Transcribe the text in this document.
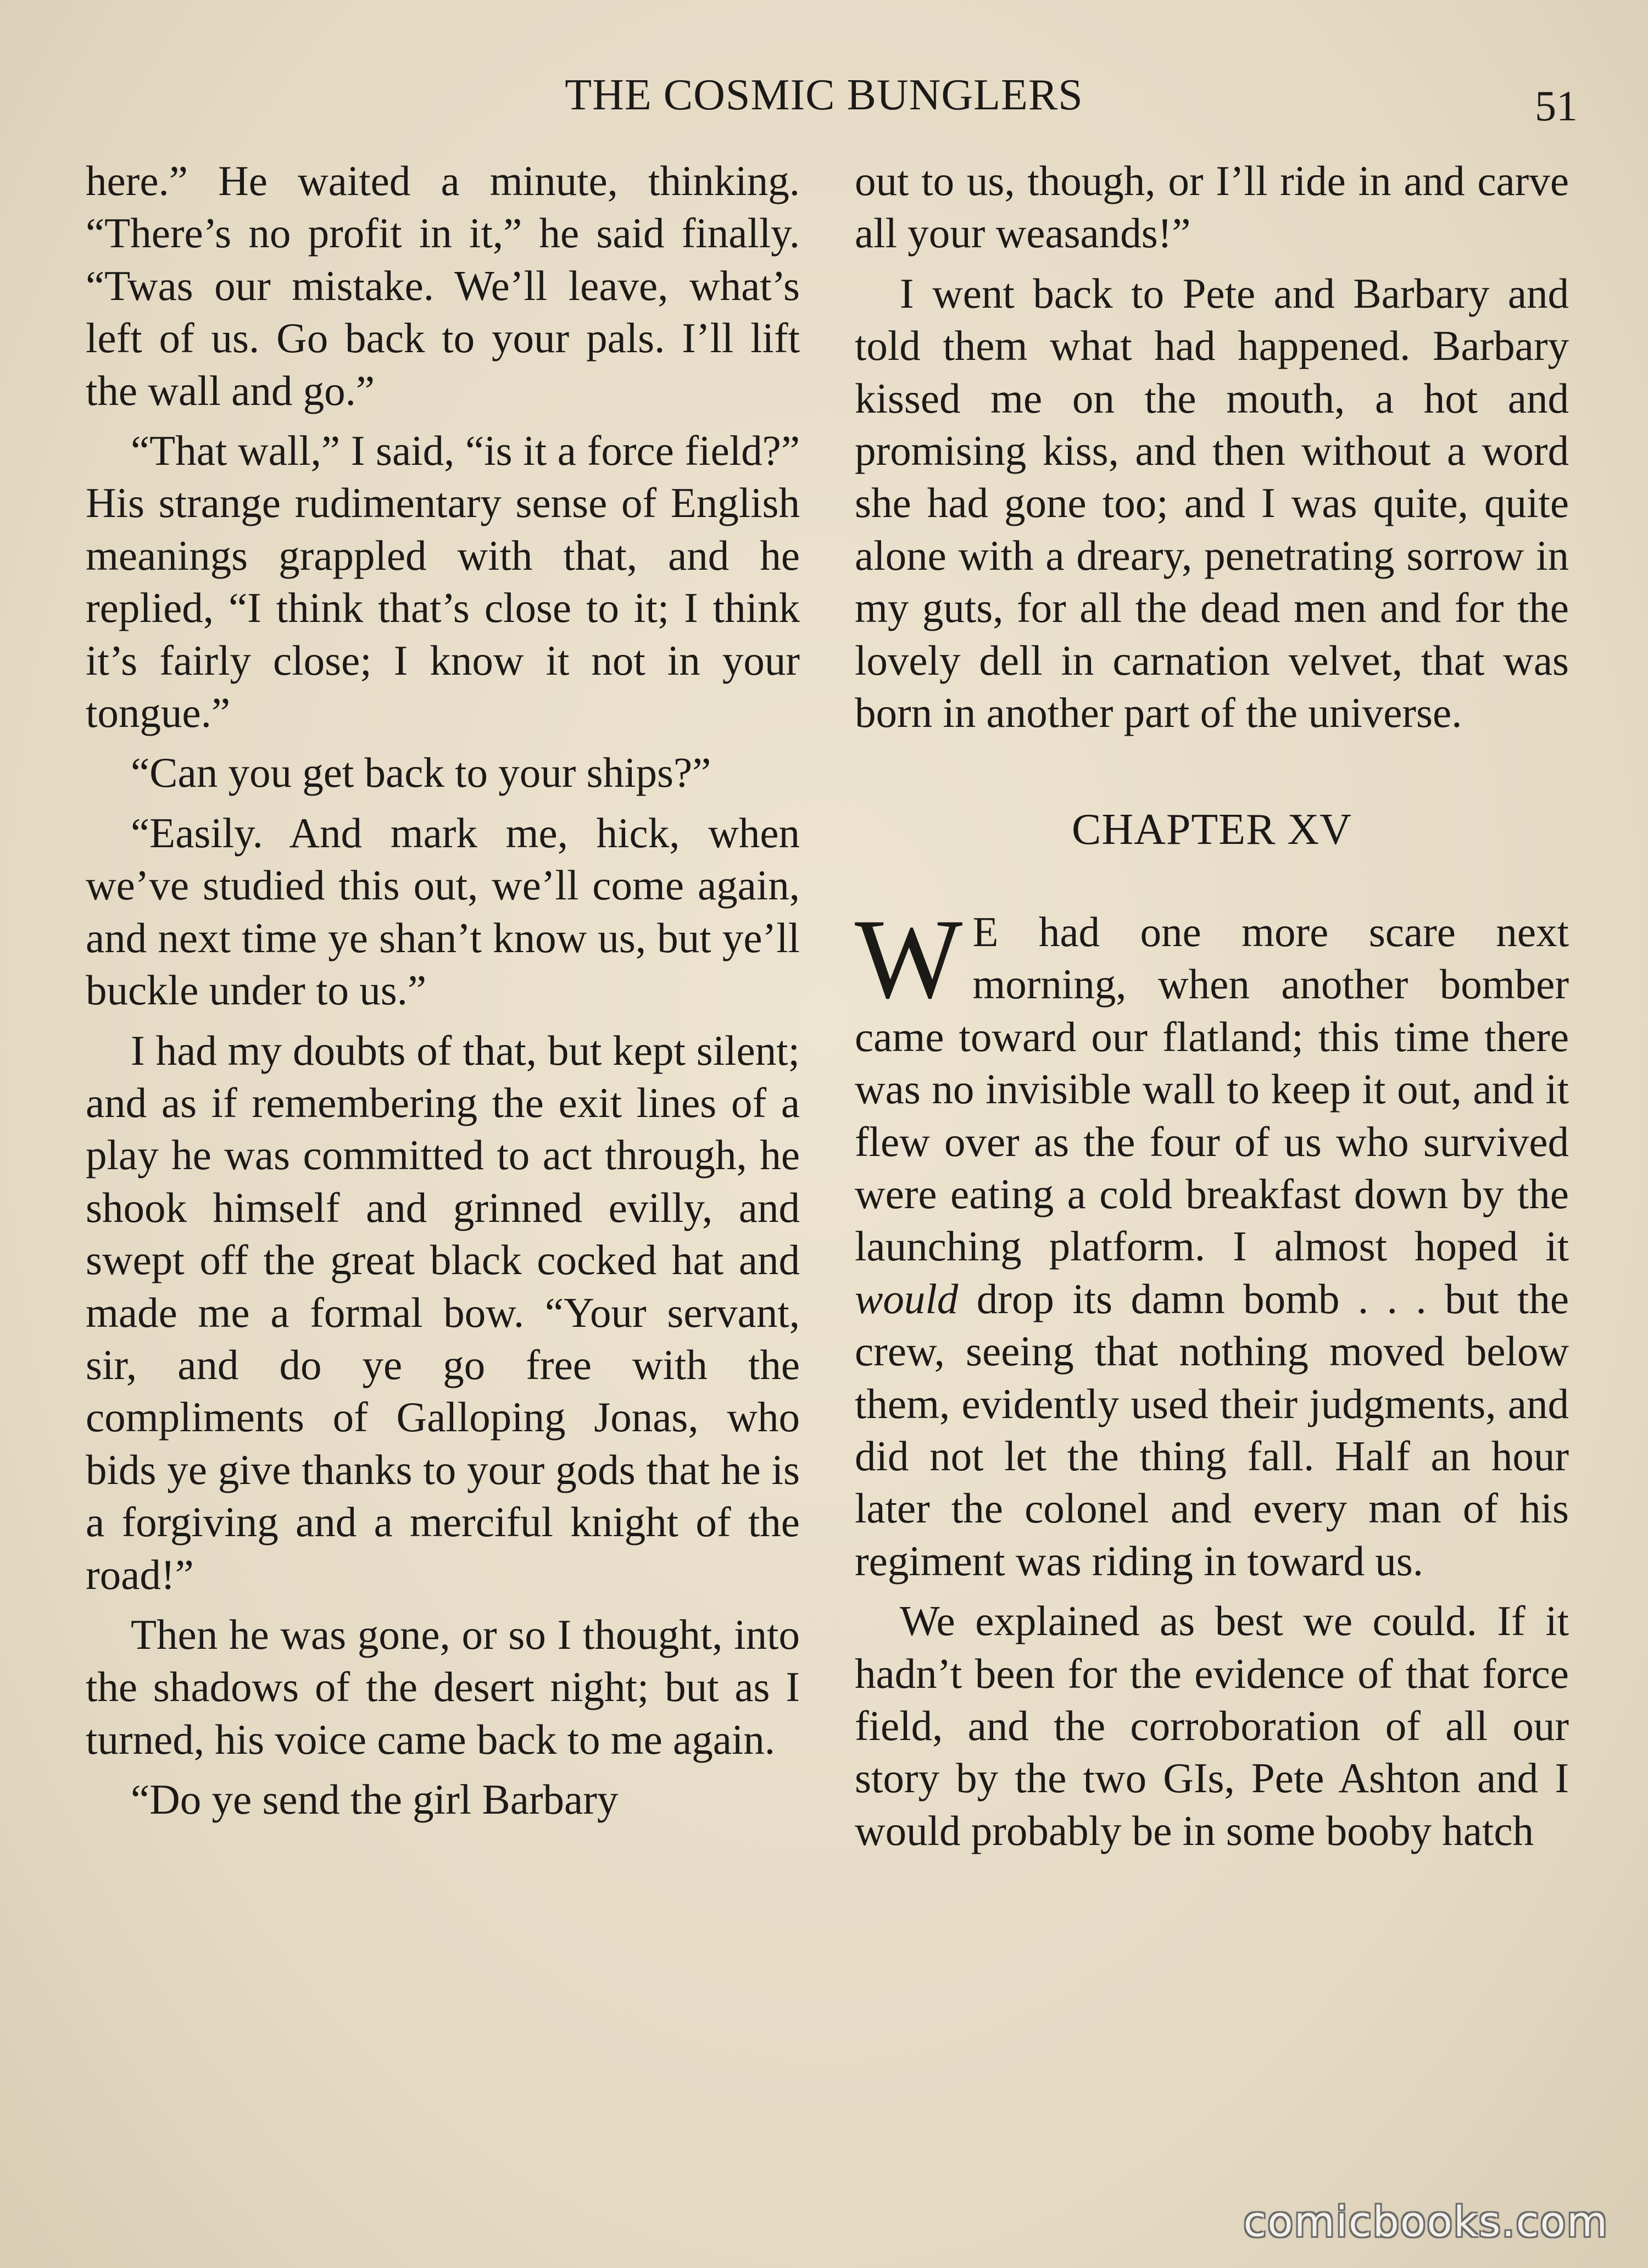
THE COSMIC BUNGLERS	51

here.” He waited a minute, thinking. “There’s no profit in it,” he said finally. “Twas our mistake. We’ll leave, what’s left of us. Go back to your pals. I’ll lift the wall and go.”

“That wall,” I said, “is it a force field?” His strange rudimentary sense of English meanings grappled with that, and he replied, “I think that’s close to it; I think it’s fairly close; I know it not in your tongue.”

“Can you get back to your ships?”

“Easily. And mark me, hick, when we’ve studied this out, we’ll come again, and next time ye shan’t know us, but ye’ll buckle under to us.”

I had my doubts of that, but kept silent; and as if remembering the exit lines of a play he was committed to act through, he shook himself and grinned evilly, and swept off the great black cocked hat and made me a formal bow. “Your servant, sir, and do ye go free with the compliments of Galloping Jonas, who bids ye give thanks to your gods that he is a forgiving and a merciful knight of the road!”

Then he was gone, or so I thought, into the shadows of the desert night; but as I turned, his voice came back to me again.

“Do ye send the girl Barbary

out to us, though, or I’ll ride in and carve all your weasands!”

I went back to Pete and Barbary and told them what had happened. Barbary kissed me on the mouth, a hot and promising kiss, and then without a word she had gone too; and I was quite, quite alone with a dreary, penetrating sorrow in my guts, for all the dead men and for the lovely dell in carnation velvet, that was born in another part of the universe.

CHAPTER XV

W E had one more scare next morning, when another bomber came toward our flatland; this time there was no invisible wall to keep it out, and it flew over as the four of us who survived were eating a cold breakfast down by the launching platform. I almost hoped it would drop its damn bomb . . . but the crew, seeing that nothing moved below them, evidently used their judgments, and did not let the thing fall. Half an hour later the colonel and every man of his regiment was riding in toward us.

We explained as best we could. If it hadn’t been for the evidence of that force field, and the corroboration of all our story by the two GIs, Pete Ashton and I would probably be in some booby hatch

comicbooks.com
